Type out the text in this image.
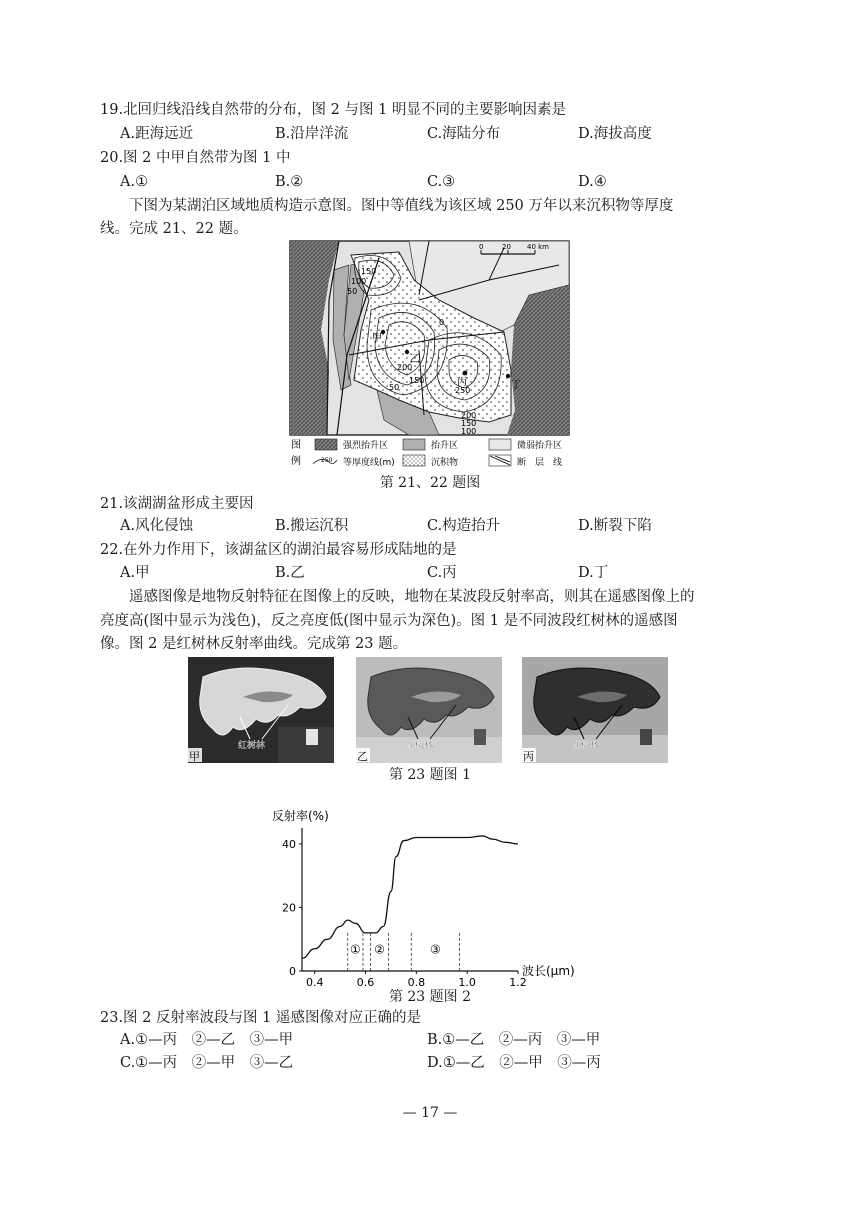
19.北回归线沿线自然带的分布，图 2 与图 1 明显不同的主要影响因素是
A.距海远近	B.沿岸洋流	C.海陆分布	D.海拔高度
20.图 2 中甲自然带为图 1 中
A.①	B.②	C.③	D.④
下图为某湖泊区域地质构造示意图。图中等值线为该区域 250 万年以来沉积物等厚度
线。完成 21、22 题。
0	20 40 km
150
100
50
0
200
150
50	250
200
150
100
甲
乙
丙	丁
图
例
强烈抬升区	抬升区	微弱抬升区
250 等厚度线(m)	沉积物	断　层　线
第 21、22 题图
21.该湖湖盆形成主要因
A.风化侵蚀	B.搬运沉积	C.构造抬升	D.断裂下陷
22.在外力作用下，该湖盆区的湖泊最容易形成陆地的是
A.甲	B.乙	C.丙	D.丁
遥感图像是地物反射特征在图像上的反映，地物在某波段反射率高，则其在遥感图像上的
亮度高(图中显示为浅色)，反之亮度低(图中显示为深色)。图 1 是不同波段红树林的遥感图
像。图 2 是红树林反射率曲线。完成第 23 题。
甲
红树林
乙
红树林
丙
红树林
第 23 题图 1
反射率(%)
波长(μm)
0
20
40
0.4	0.6	0.8	1.0	1.2
① ②	③
第 23 题图 2
23.图 2 反射率波段与图 1 遥感图像对应正确的是
A.①—丙　②—乙　③—甲	B.①—乙　②—丙　③—甲
C.①—丙　②—甲　③—乙	D.①—乙　②—甲　③—丙
— 17 —
